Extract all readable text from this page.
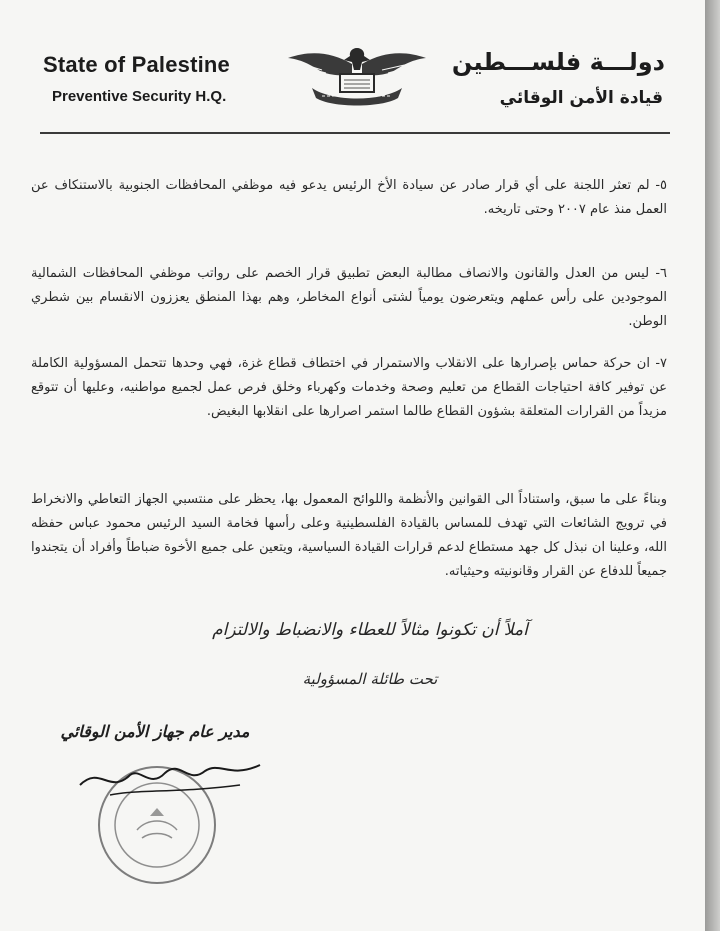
State of Palestine
Preventive Security H.Q.
دولـــة فلســـطين
قيادة الأمن الوقائي

٥- لم تعثر اللجنة على أي قرار صادر عن سيادة الأخ الرئيس يدعو فيه موظفي المحافظات الجنوبية بالاستنكاف عن العمل منذ عام ٢٠٠٧ وحتى تاريخه.

٦- ليس من العدل والقانون والانصاف مطالبة البعض تطبيق قرار الخصم على رواتب موظفي المحافظات الشمالية الموجودين على رأس عملهم ويتعرضون يومياً لشتى أنواع المخاطر، وهم بهذا المنطق يعززون الانقسام بين شطري الوطن.

٧- ان حركة حماس بإصرارها على الانقلاب والاستمرار في اختطاف قطاع غزة، فهي وحدها تتحمل المسؤولية الكاملة عن توفير كافة احتياجات القطاع من تعليم وصحة وخدمات وكهرباء وخلق فرص عمل لجميع مواطنيه، وعليها أن تتوقع مزيداً من القرارات المتعلقة بشؤون القطاع طالما استمر اصرارها على انقلابها البغيض.

وبناءً على ما سبق، واستناداً الى القوانين والأنظمة واللوائح المعمول بها، يحظر على منتسبي الجهاز التعاطي والانخراط في ترويج الشائعات التي تهدف للمساس بالقيادة الفلسطينية وعلى رأسها فخامة السيد الرئيس محمود عباس حفظه الله، وعلينا ان نبذل كل جهد مستطاع لدعم قرارات القيادة السياسية، ويتعين على جميع الأخوة ضباطاً وأفراد أن يتجندوا جميعاً للدفاع عن القرار وقانونيته وحيثياته.

آملاً أن تكونوا مثالاً للعطاء والانضباط والالتزام
تحت طائلة المسؤولية
مدير عام جهاز الأمن الوقائي
